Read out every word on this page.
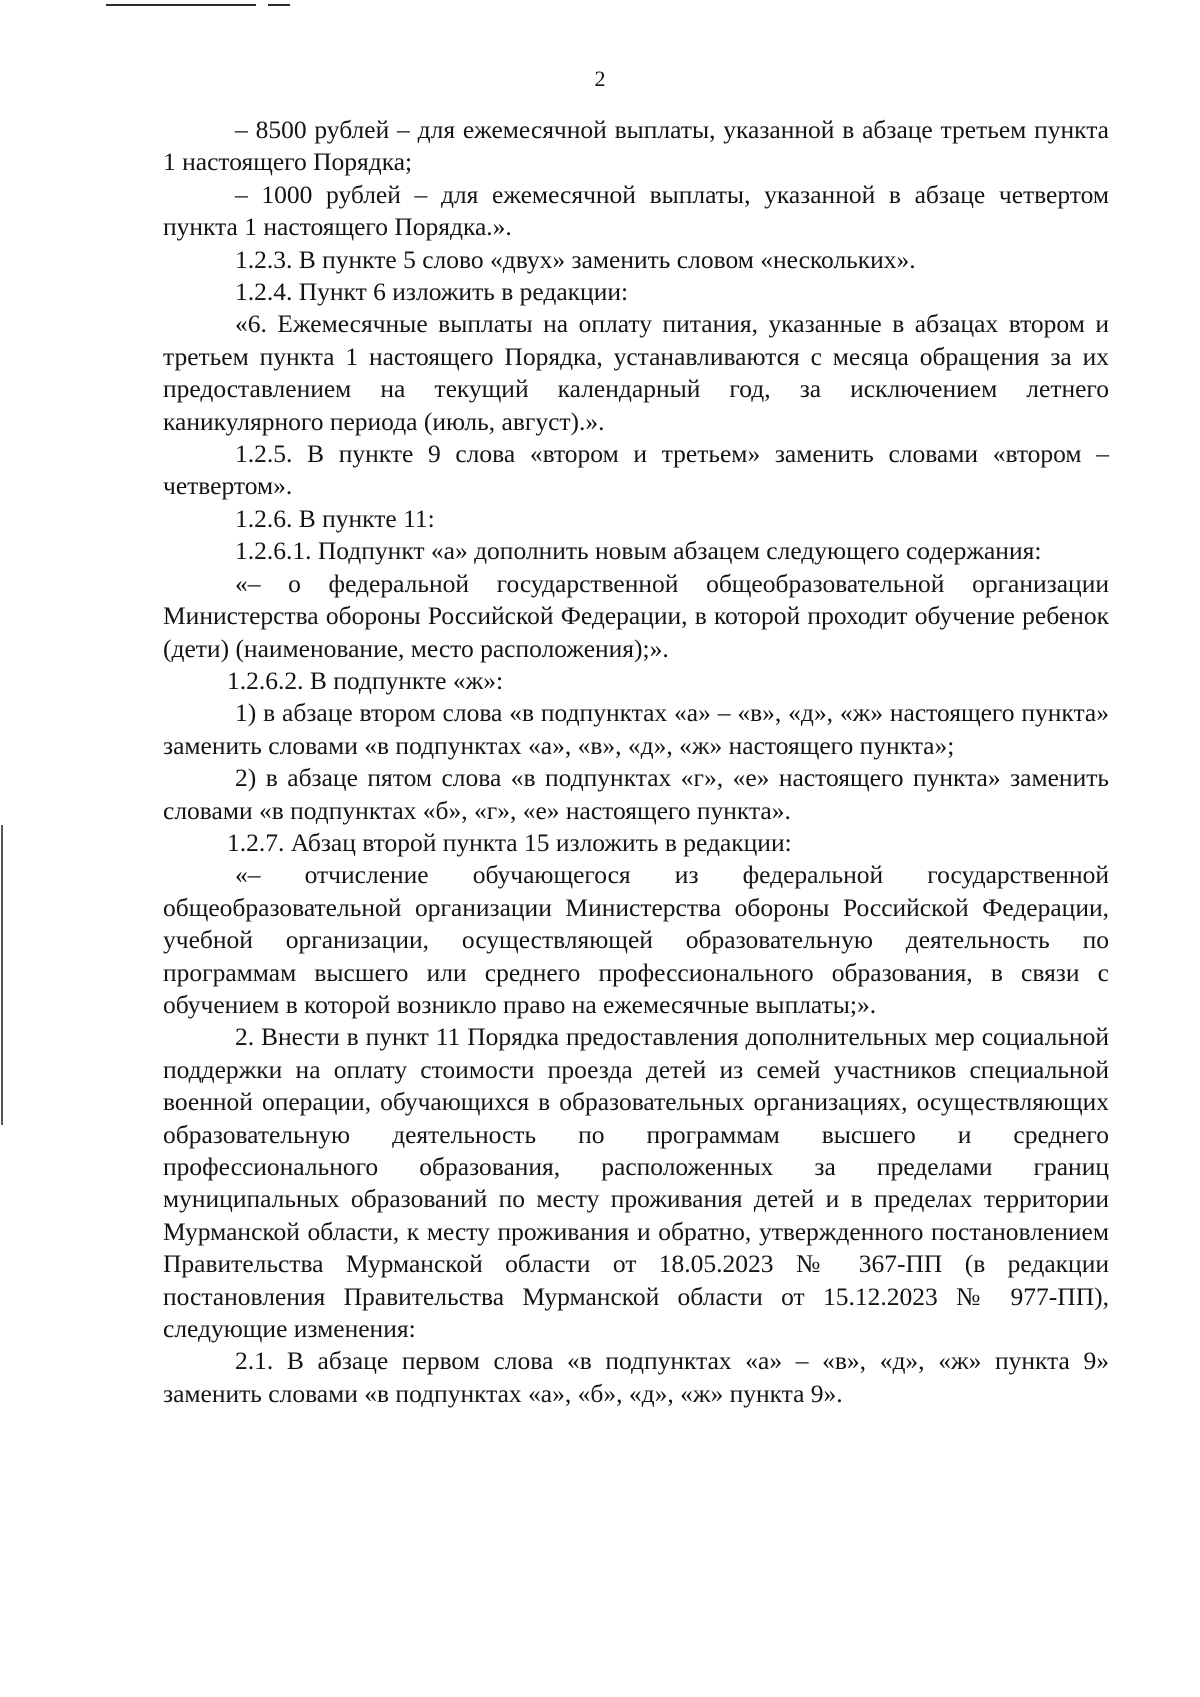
2

– 8500 рублей – для ежемесячной выплаты, указанной в абзаце третьем пункта 1 настоящего Порядка;

– 1000 рублей – для ежемесячной выплаты, указанной в абзаце четвертом пункта 1 настоящего Порядка.».

1.2.3. В пункте 5 слово «двух» заменить словом «нескольких».

1.2.4. Пункт 6 изложить в редакции:

«6. Ежемесячные выплаты на оплату питания, указанные в абзацах втором и третьем пункта 1 настоящего Порядка, устанавливаются с месяца обращения за их предоставлением на текущий календарный год, за исключением летнего каникулярного периода (июль, август).».

1.2.5. В пункте 9 слова «втором и третьем» заменить словами «втором – четвертом».

1.2.6. В пункте 11:

1.2.6.1. Подпункт «а» дополнить новым абзацем следующего содержания:

«– о федеральной государственной общеобразовательной организации Министерства обороны Российской Федерации, в которой проходит обучение ребенок (дети) (наименование, место расположения);».

1.2.6.2. В подпункте «ж»:

1) в абзаце втором слова «в подпунктах «а» – «в», «д», «ж» настоящего пункта» заменить словами «в подпунктах «а», «в», «д», «ж» настоящего пункта»;

2) в абзаце пятом слова «в подпунктах «г», «е» настоящего пункта» заменить словами «в подпунктах «б», «г», «е» настоящего пункта».

1.2.7. Абзац второй пункта 15 изложить в редакции:

«– отчисление обучающегося из федеральной государственной общеобразовательной организации Министерства обороны Российской Федерации, учебной организации, осуществляющей образовательную деятельность по программам высшего или среднего профессионального образования, в связи с обучением в которой возникло право на ежемесячные выплаты;».

2. Внести в пункт 11 Порядка предоставления дополнительных мер социальной поддержки на оплату стоимости проезда детей из семей участников специальной военной операции, обучающихся в образовательных организациях, осуществляющих образовательную деятельность по программам высшего и среднего профессионального образования, расположенных за пределами границ муниципальных образований по месту проживания детей и в пределах территории Мурманской области, к месту проживания и обратно, утвержденного постановлением Правительства Мурманской области от 18.05.2023 № 367-ПП (в редакции постановления Правительства Мурманской области от 15.12.2023 № 977-ПП), следующие изменения:

2.1. В абзаце первом слова «в подпунктах «а» – «в», «д», «ж» пункта 9» заменить словами «в подпунктах «а», «б», «д», «ж» пункта 9».
